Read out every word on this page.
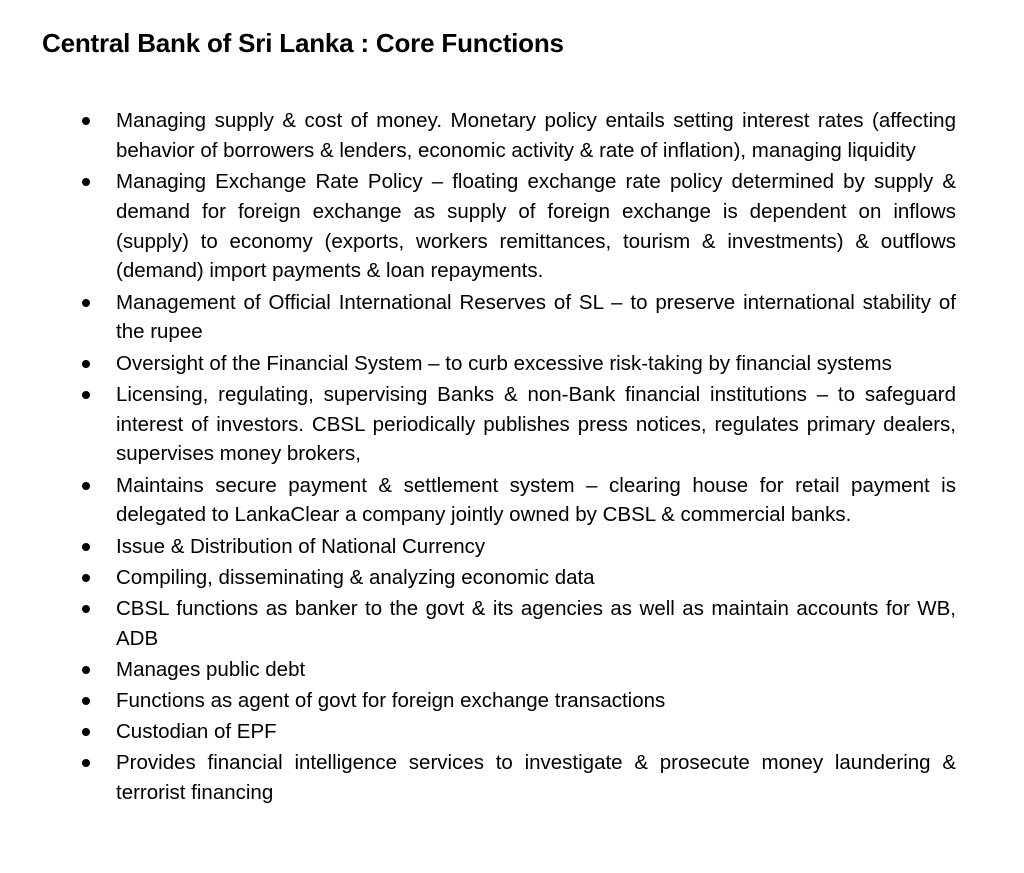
Central Bank of Sri Lanka : Core Functions
Managing supply & cost of money. Monetary policy entails setting interest rates (affecting behavior of borrowers & lenders, economic activity & rate of inflation), managing liquidity
Managing Exchange Rate Policy – floating exchange rate policy determined by supply & demand for foreign exchange as supply of foreign exchange is dependent on inflows (supply) to economy (exports, workers remittances, tourism & investments) & outflows (demand) import payments & loan repayments.
Management of Official International Reserves of SL – to preserve international stability of the rupee
Oversight of the Financial System – to curb excessive risk-taking by financial systems
Licensing, regulating, supervising Banks & non-Bank financial institutions – to safeguard interest of investors. CBSL periodically publishes press notices, regulates primary dealers, supervises money brokers,
Maintains secure payment & settlement system – clearing house for retail payment is delegated to LankaClear a company jointly owned by CBSL & commercial banks.
Issue & Distribution of National Currency
Compiling, disseminating & analyzing economic data
CBSL functions as banker to the govt & its agencies as well as maintain accounts for WB, ADB
Manages public debt
Functions as agent of govt for foreign exchange transactions
Custodian of EPF
Provides financial intelligence services to investigate & prosecute money laundering & terrorist financing
